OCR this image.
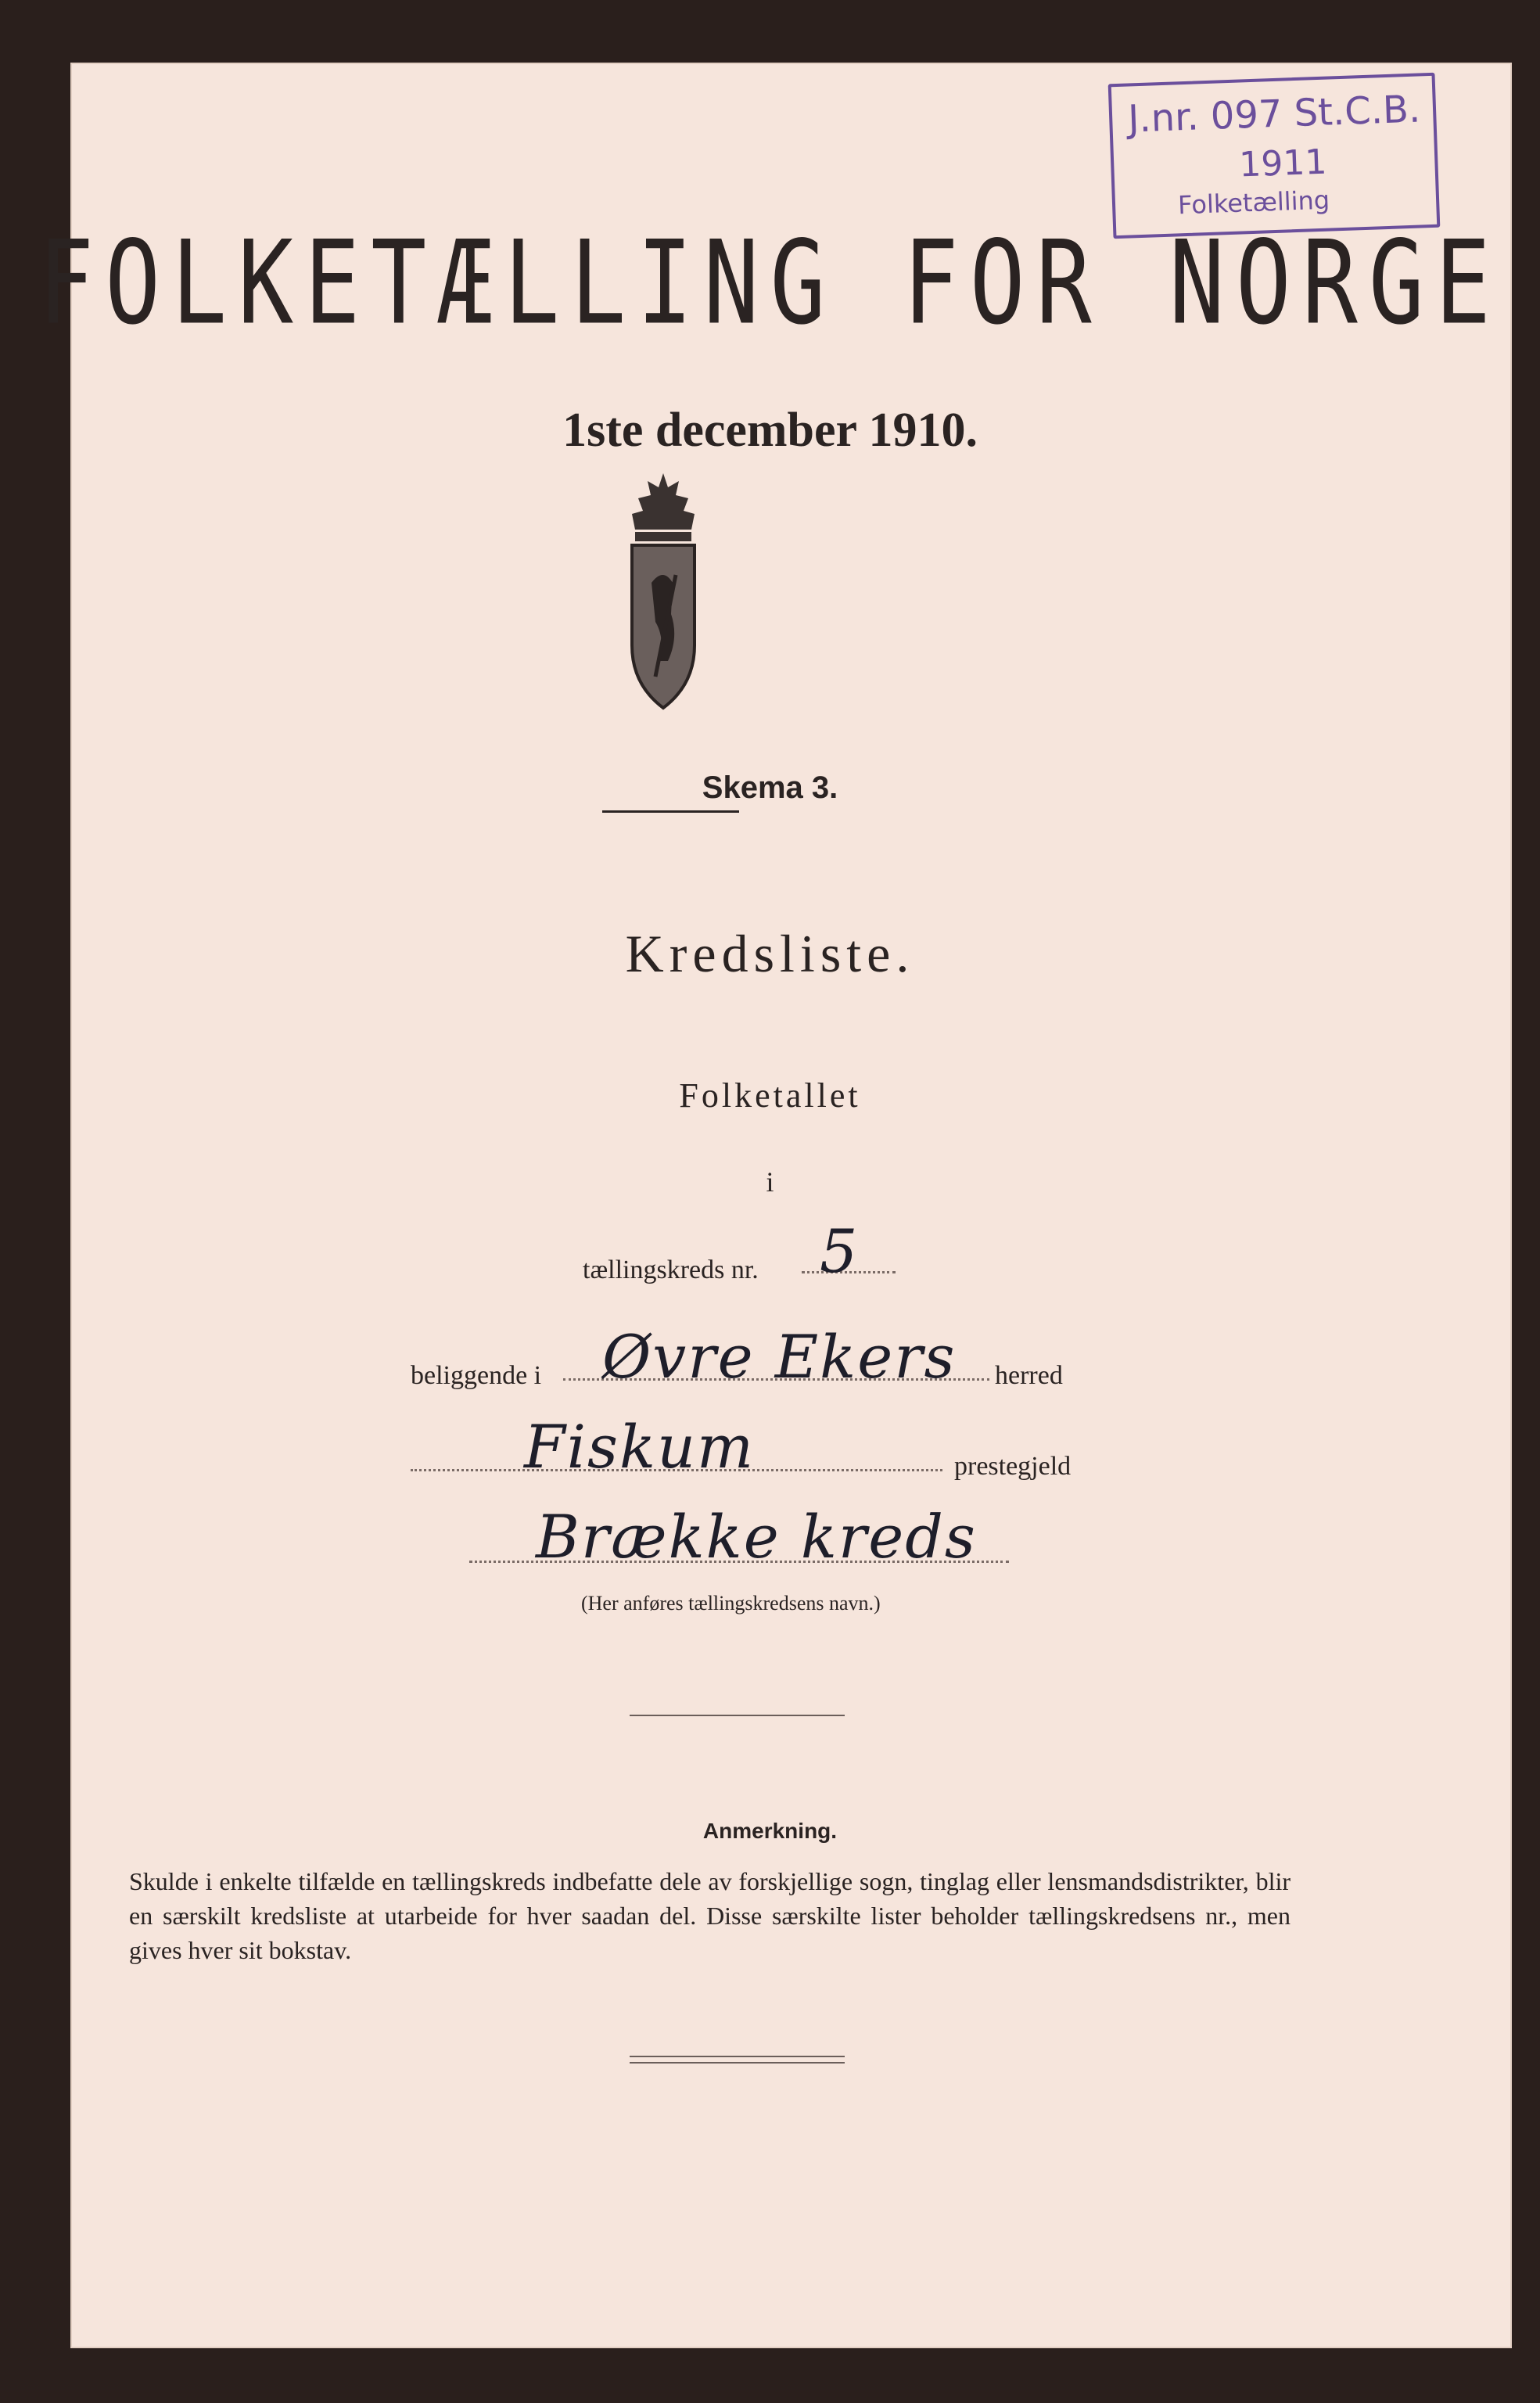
J.nr. 097 St.C.B.
1911
Folketælling
FOLKETÆLLING FOR NORGE
1ste december 1910.
Skema 3.
Kredsliste.
Folketallet
i
tællingskreds nr. 5
beliggende i Øvre Ekers herred
Fiskum	prestegjeld
Brække kreds
(Her anføres tællingskredsens navn.)
Anmerkning.
Skulde i enkelte tilfælde en tællingskreds indbefatte dele av forskjellige sogn, tinglag eller lensmandsdistrikter, blir en særskilt kredsliste at utarbeide for hver saadan del. Disse særskilte lister beholder tællingskredsens nr., men gives hver sit bokstav.
